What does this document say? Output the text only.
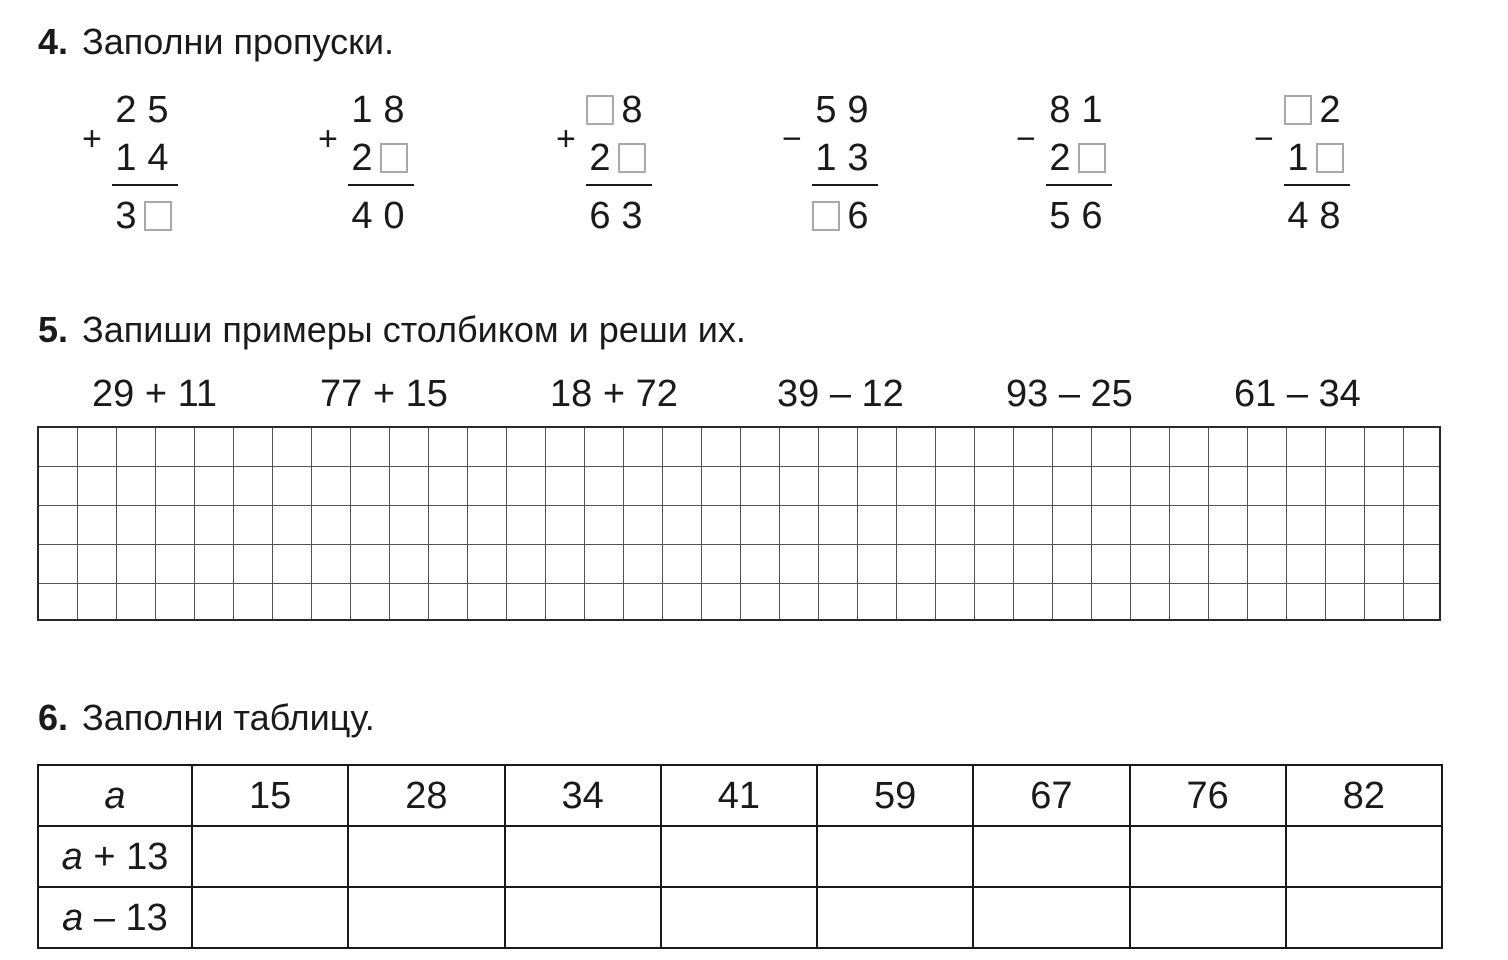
4. Заполни пропуски.
+
2 5
1 4
3
+
1 8
2
4 0
+
8
2
6 3
−
5 9
1 3
6
−
8 1
2
5 6
−
2
1
4 8
5. Запиши примеры столбиком и реши их.
29 + 11	77 + 15	18 + 72	39 – 12	93 – 25	61 – 34
6. Заполни таблицу.
a	15	28	34	41	59	67	76	82
a + 13								
a – 13								
